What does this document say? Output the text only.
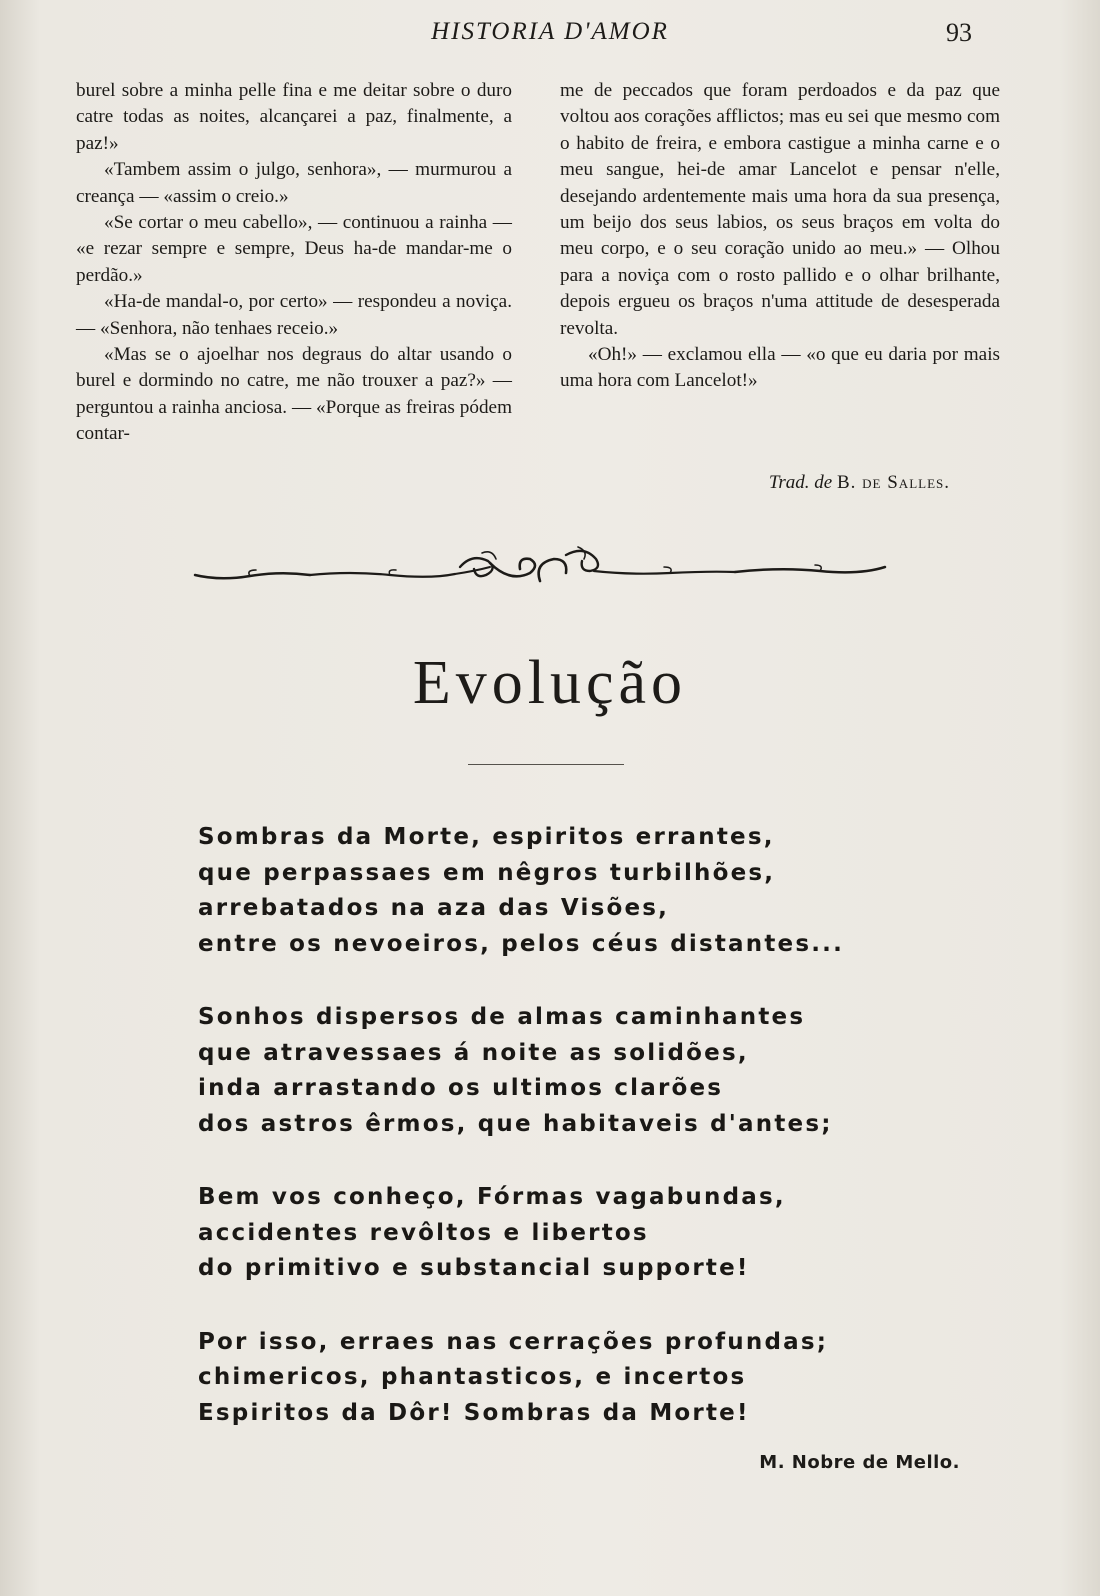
HISTORIA D'AMOR	93

burel sobre a minha pelle fina e me deitar sobre o duro catre todas as noites, alcançarei a paz, finalmente, a paz!»

«Tambem assim o julgo, senhora», — murmurou a creança — «assim o creio.»

«Se cortar o meu cabello», — continuou a rainha — «e rezar sempre e sempre, Deus ha-de mandar-me o perdão.»

«Ha-de mandal-o, por certo» — respondeu a noviça. — «Senhora, não tenhaes receio.»

«Mas se o ajoelhar nos degraus do altar usando o burel e dormindo no catre, me não trouxer a paz?» — perguntou a rainha anciosa. — «Porque as freiras pódem contar-

me de peccados que foram perdoados e da paz que voltou aos corações afflictos; mas eu sei que mesmo com o habito de freira, e embora castigue a minha carne e o meu sangue, hei-de amar Lancelot e pensar n'elle, desejando ardentemente mais uma hora da sua presença, um beijo dos seus labios, os seus braços em volta do meu corpo, e o seu coração unido ao meu.» — Olhou para a noviça com o rosto pallido e o olhar brilhante, depois ergueu os braços n'uma attitude de desesperada revolta.

«Oh!» — exclamou ella — «o que eu daria por mais uma hora com Lancelot!»

Trad. de B. de Salles.
Evolução
Sombras da Morte, espiritos errantes,
que perpassaes em nêgros turbilhões,
arrebatados na aza das Visões,
entre os nevoeiros, pelos céus distantes...
Sonhos dispersos de almas caminhantes
que atravessaes á noite as solidões,
inda arrastando os ultimos clarões
dos astros êrmos, que habitaveis d'antes;
Bem vos conheço, Fórmas vagabundas,
accidentes revôltos e libertos
do primitivo e substancial supporte!
Por isso, erraes nas cerrações profundas;
chimericos, phantasticos, e incertos
Espiritos da Dôr! Sombras da Morte!
M. Nobre de Mello.
